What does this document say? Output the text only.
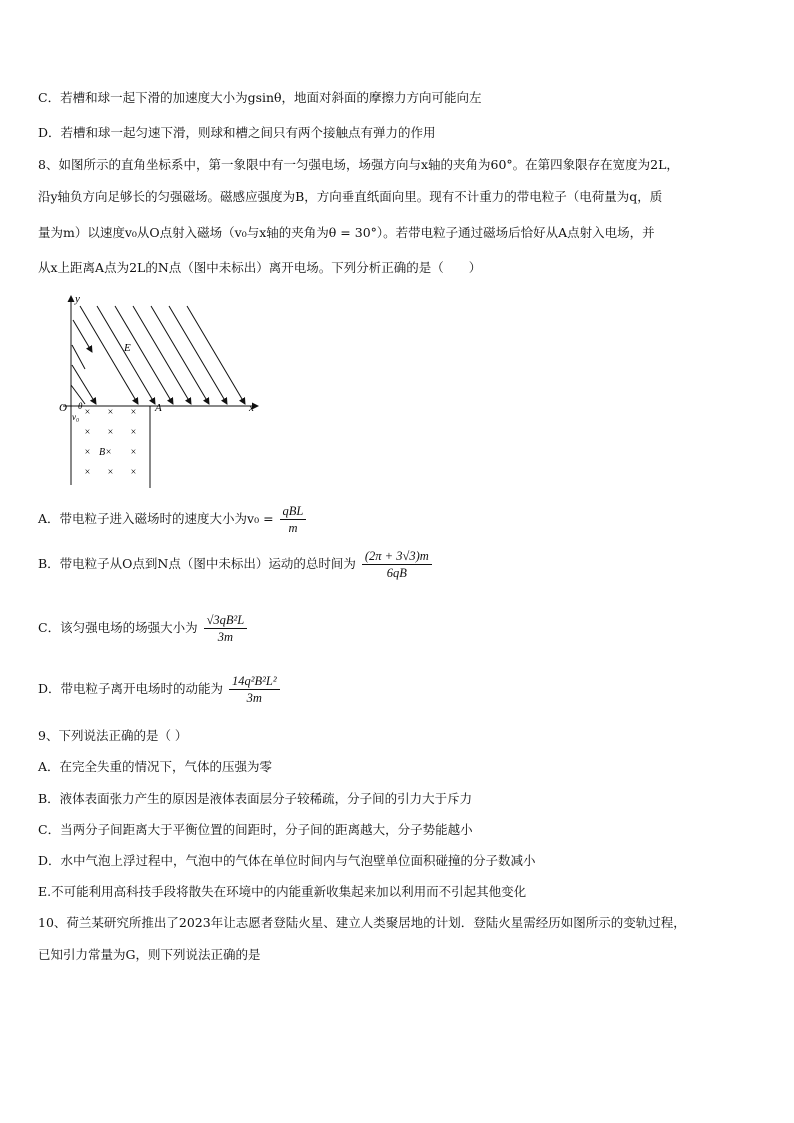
C．若槽和球一起下滑的加速度大小为gsinθ，地面对斜面的摩擦力方向可能向左
D．若槽和球一起匀速下滑，则球和槽之间只有两个接触点有弹力的作用
8、如图所示的直角坐标系中，第一象限中有一匀强电场，场强方向与x轴的夹角为60°。在第四象限存在宽度为2L，
沿y轴负方向足够长的匀强磁场。磁感应强度为B，方向垂直纸面向里。现有不计重力的带电粒子（电荷量为q，质
量为m）以速度v₀从O点射入磁场（v₀与x轴的夹角为θ = 30°）。若带电粒子通过磁场后恰好从A点射入电场，并
从x上距离A点为2L的N点（图中未标出）离开电场。下列分析正确的是（　　）
y
x
O	A
E
θ
v₀ × × ×
× × ×
× B× ×
× × ×
A．带电粒子进入磁场时的速度大小为$v_0 = \frac{\text{qBL}}{m}$
B．带电粒子从O点到N点（图中未标出）运动的总时间为 $\frac{(2\pi + 3√3)m}{6qB}$
C．该匀强电场的场强大小为 $\frac{\text{√3qB²L}}{3m}$
D．带电粒子离开电场时的动能为 $\frac{\text{14q²B²L²}}{3m}$
9、下列说法正确的是（ ）
A．在完全失重的情况下，气体的压强为零
B．液体表面张力产生的原因是液体表面层分子较稀疏，分子间的引力大于斥力
C．当两分子间距离大于平衡位置的间距时，分子间的距离越大，分子势能越小
D．水中气泡上浮过程中，气泡中的气体在单位时间内与气泡壁单位面积碰撞的分子数减小
E.不可能利用高科技手段将散失在环境中的内能重新收集起来加以利用而不引起其他变化
10、荷兰某研究所推出了2023年让志愿者登陆火星、建立人类聚居地的计划．登陆火星需经历如图所示的变轨过程，
已知引力常量为G，则下列说法正确的是
